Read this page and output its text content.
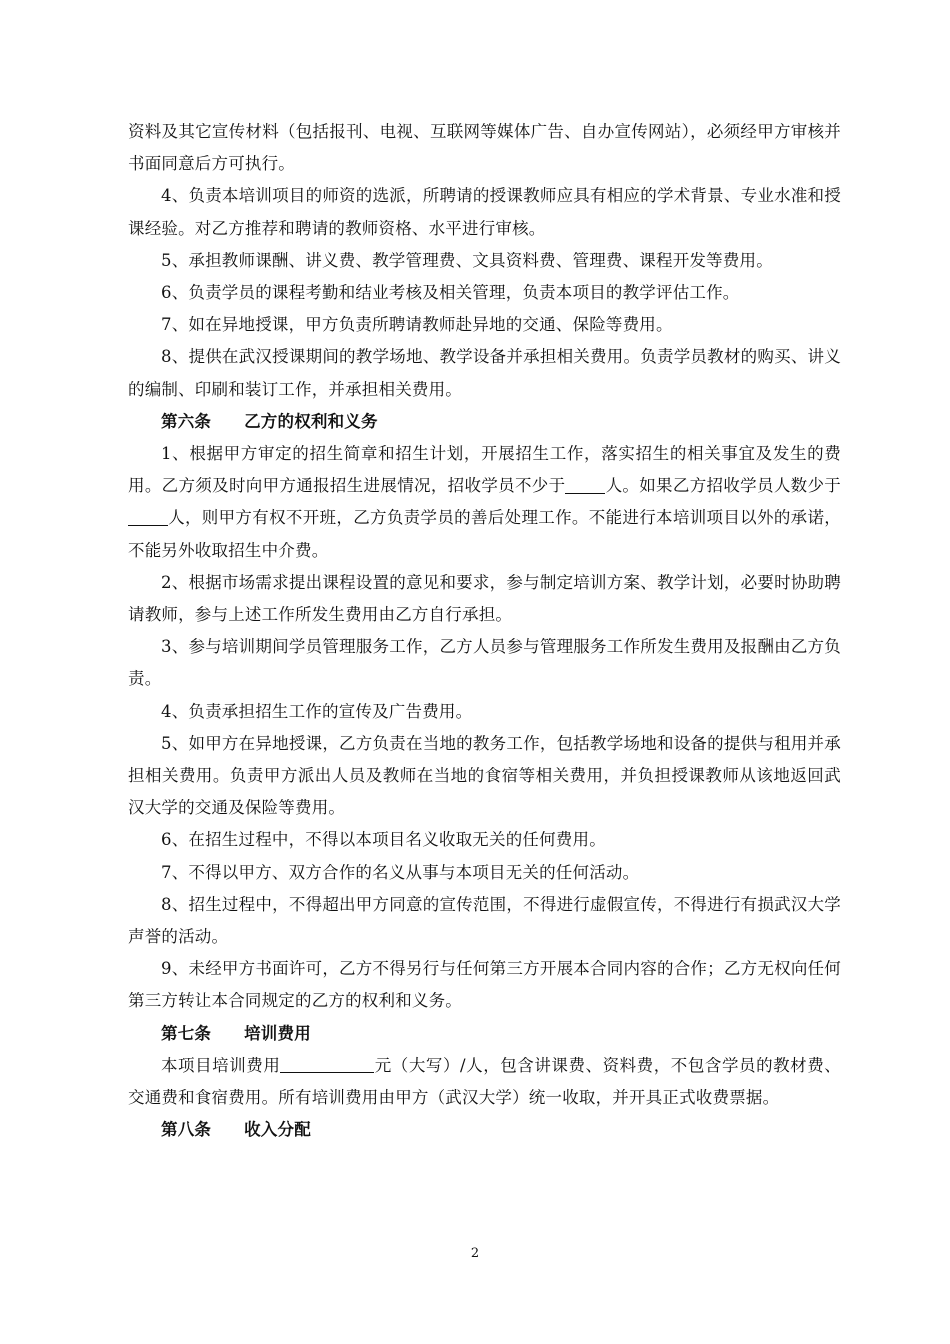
资料及其它宣传材料（包括报刊、电视、互联网等媒体广告、自办宣传网站），必须经甲方审核并书面同意后方可执行。

4、负责本培训项目的师资的选派，所聘请的授课教师应具有相应的学术背景、专业水准和授课经验。对乙方推荐和聘请的教师资格、水平进行审核。

5、承担教师课酬、讲义费、教学管理费、文具资料费、管理费、课程开发等费用。

6、负责学员的课程考勤和结业考核及相关管理，负责本项目的教学评估工作。

7、如在异地授课，甲方负责所聘请教师赴异地的交通、保险等费用。

8、提供在武汉授课期间的教学场地、教学设备并承担相关费用。负责学员教材的购买、讲义的编制、印刷和装订工作，并承担相关费用。

第六条 乙方的权利和义务

1、根据甲方审定的招生简章和招生计划，开展招生工作，落实招生的相关事宜及发生的费用。乙方须及时向甲方通报招生进展情况，招收学员不少于 人。如果乙方招收学员人数少于人，则甲方有权不开班，乙方负责学员的善后处理工作。不能进行本培训项目以外的承诺，不能另外收取招生中介费。

2、根据市场需求提出课程设置的意见和要求，参与制定培训方案、教学计划，必要时协助聘请教师，参与上述工作所发生费用由乙方自行承担。

3、参与培训期间学员管理服务工作，乙方人员参与管理服务工作所发生费用及报酬由乙方负责。

4、负责承担招生工作的宣传及广告费用。

5、如甲方在异地授课，乙方负责在当地的教务工作，包括教学场地和设备的提供与租用并承担相关费用。负责甲方派出人员及教师在当地的食宿等相关费用，并负担授课教师从该地返回武汉大学的交通及保险等费用。

6、在招生过程中，不得以本项目名义收取无关的任何费用。

7、不得以甲方、双方合作的名义从事与本项目无关的任何活动。

8、招生过程中，不得超出甲方同意的宣传范围，不得进行虚假宣传，不得进行有损武汉大学声誉的活动。

9、未经甲方书面许可，乙方不得另行与任何第三方开展本合同内容的合作；乙方无权向任何第三方转让本合同规定的乙方的权利和义务。

第七条 培训费用

本项目培训费用	元（大写）/人，包含讲课费、资料费，不包含学员的教材费、交通费和食宿费用。所有培训费用由甲方（武汉大学）统一收取，并开具正式收费票据。

第八条 收入分配

2
